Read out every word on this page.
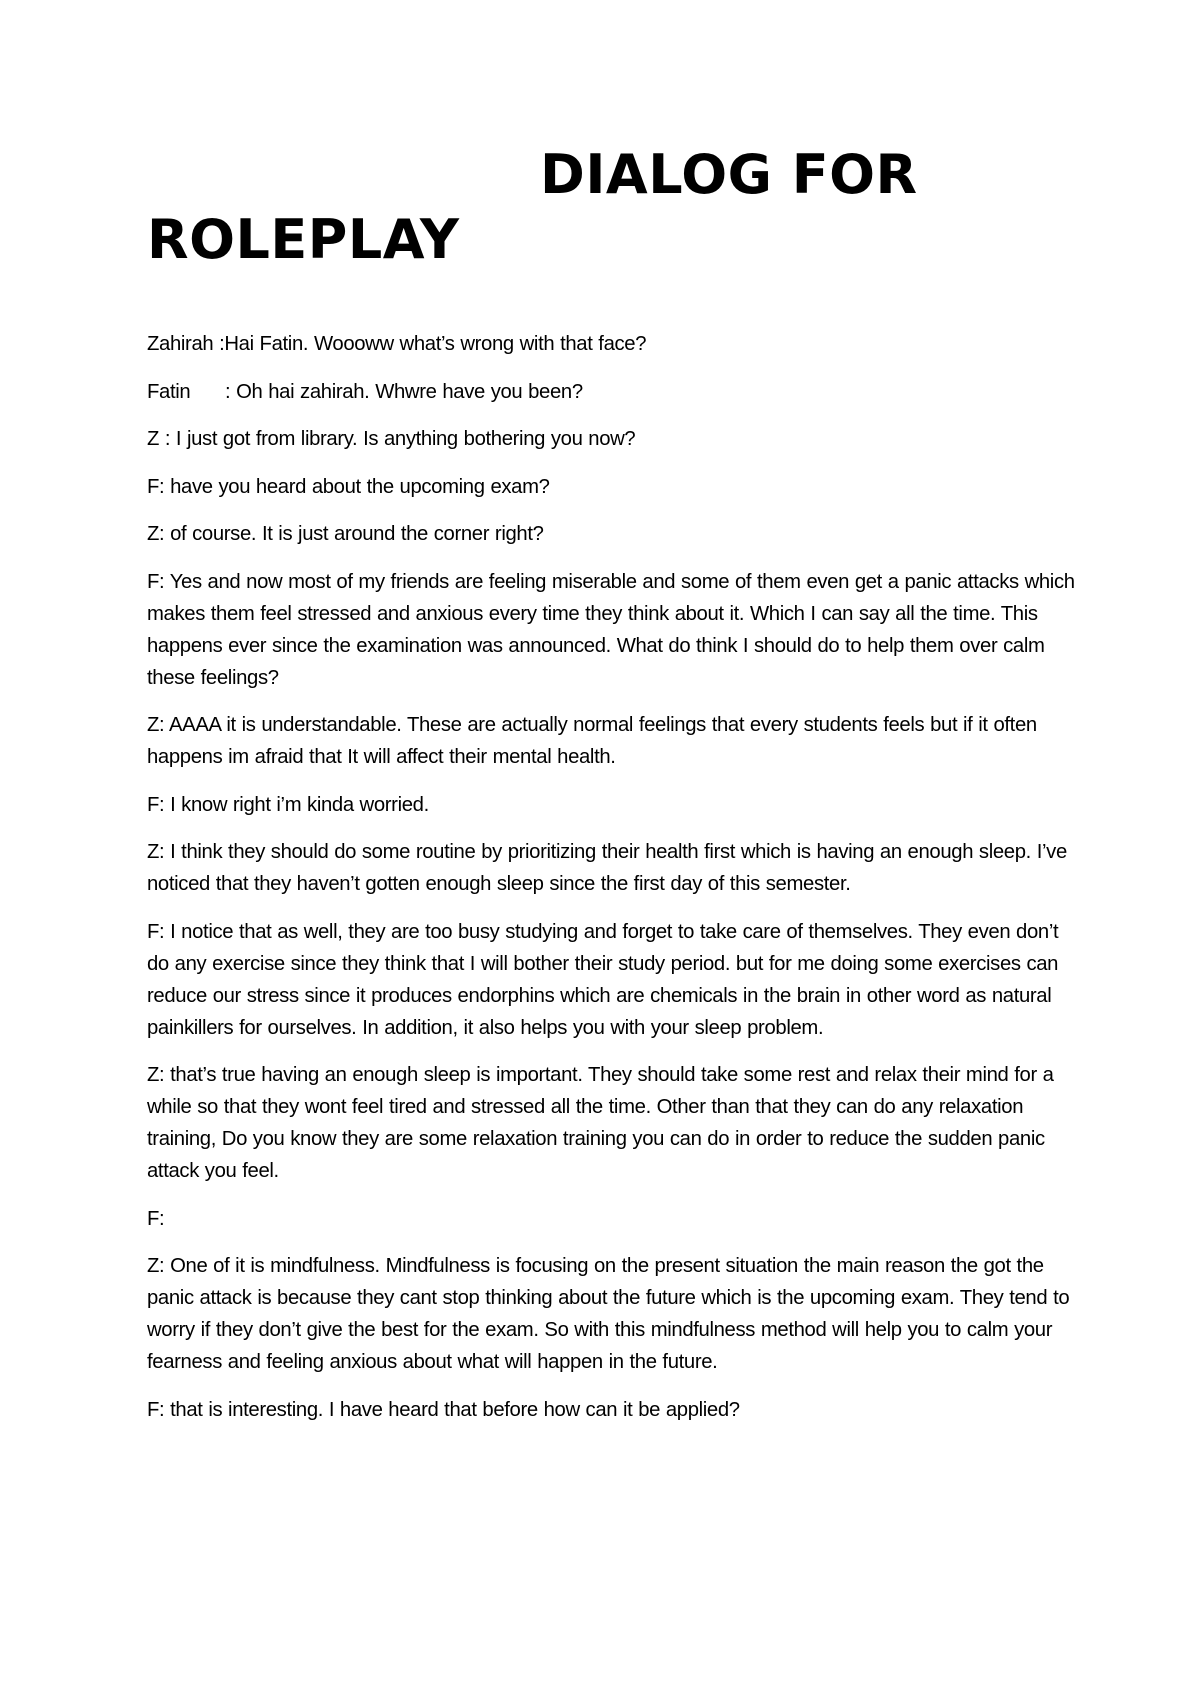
DIALOG FOR ROLEPLAY

Zahirah :Hai Fatin. Woooww what’s wrong with that face?

Fatin      : Oh hai zahirah. Whwre have you been?

Z : I just got from library. Is anything bothering you now?

F: have you heard about the upcoming exam?

Z: of course. It is just around the corner right?

F: Yes and now most of my friends are feeling miserable and some of them even get a panic attacks which makes them feel stressed and anxious every time they think about it. Which I can say all the time. This happens ever since the examination was announced. What do think I should do to help them over calm these feelings?

Z: AAAA it is understandable. These are actually normal feelings that every students feels but if it often happens im afraid that It will affect their mental health.

F: I know right i’m kinda worried.

Z: I think they should do some routine by prioritizing their health first which is having an enough sleep. I’ve noticed that they haven’t gotten enough sleep since the first day of this semester.

F: I notice that as well, they are too busy studying and forget to take care of themselves. They even don’t do any exercise since they think that I will bother their study period. but for me doing some exercises can reduce our stress since it produces endorphins which are chemicals in the brain in other word as natural painkillers for ourselves. In addition, it also helps you with your sleep problem.

Z: that’s true having an enough sleep is important. They should take some rest and relax their mind for a while so that they wont feel tired and stressed all the time. Other than that they can do any relaxation training, Do you know they are some relaxation training you can do in order to reduce the sudden panic attack you feel.

F:

Z: One of it is mindfulness. Mindfulness is focusing on the present situation the main reason the got the panic attack is because they cant stop thinking about the future which is the upcoming exam. They tend to worry if they don’t give the best for the exam. So with this mindfulness method will help you to calm your fearness and feeling anxious about what will happen in the future.

F: that is interesting. I have heard that before how can it be applied?
